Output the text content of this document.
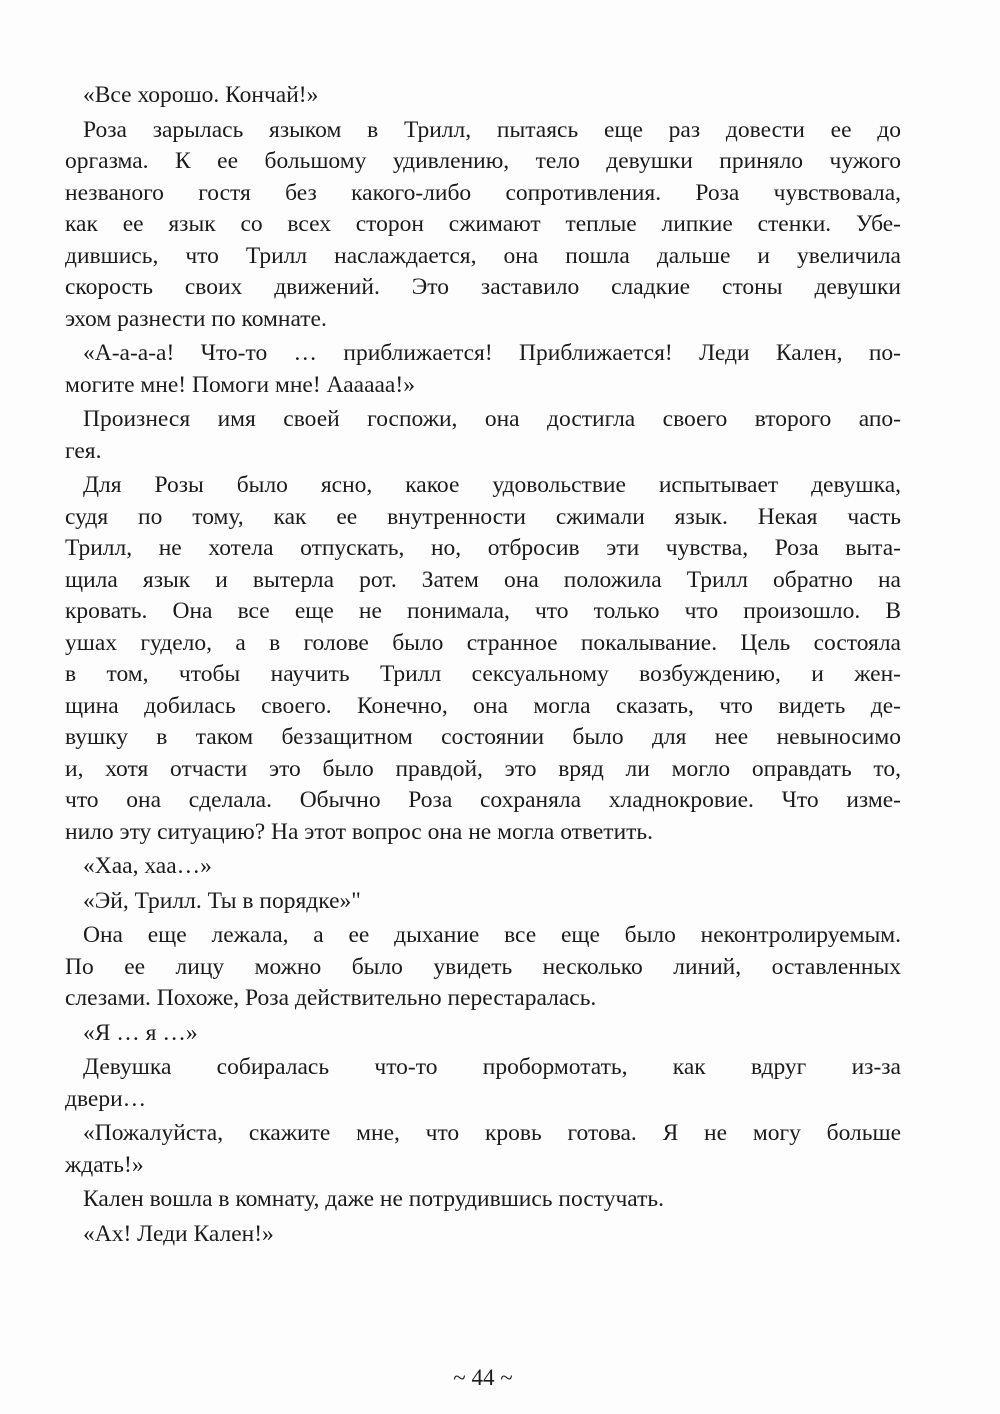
«Все хорошо. Кончай!»
Роза зарылась языком в Трилл, пытаясь еще раз довести ее до
оргазма. К ее большому удивлению, тело девушки приняло чужого
незваного гостя без какого-либо сопротивления. Роза чувствовала,
как ее язык со всех сторон сжимают теплые липкие стенки. Убе-
дившись, что Трилл наслаждается, она пошла дальше и увеличила
скорость своих движений. Это заставило сладкие стоны девушки
эхом разнести по комнате.
«А-а-а-а! Что-то … приближается! Приближается! Леди Кален, по-
могите мне! Помоги мне! Аааааа!»
Произнеся имя своей госпожи, она достигла своего второго апо-
гея.
Для Розы было ясно, какое удовольствие испытывает девушка,
судя по тому, как ее внутренности сжимали язык. Некая часть
Трилл, не хотела отпускать, но, отбросив эти чувства, Роза выта-
щила язык и вытерла рот. Затем она положила Трилл обратно на
кровать. Она все еще не понимала, что только что произошло. В
ушах гудело, а в голове было странное покалывание. Цель состояла
в том, чтобы научить Трилл сексуальному возбуждению, и жен-
щина добилась своего. Конечно, она могла сказать, что видеть де-
вушку в таком беззащитном состоянии было для нее невыносимо
и, хотя отчасти это было правдой, это вряд ли могло оправдать то,
что она сделала. Обычно Роза сохраняла хладнокровие. Что изме-
нило эту ситуацию? На этот вопрос она не могла ответить.
«Хаа, хаа…»
«Эй, Трилл. Ты в порядке»"
Она еще лежала, а ее дыхание все еще было неконтролируемым.
По ее лицу можно было увидеть несколько линий, оставленных
слезами. Похоже, Роза действительно перестаралась.
«Я … я …»
Девушка собиралась что-то пробормотать, как вдруг из-за
двери…
«Пожалуйста, скажите мне, что кровь готова. Я не могу больше
ждать!»
Кален вошла в комнату, даже не потрудившись постучать.
«Ах! Леди Кален!»
~ 44 ~
